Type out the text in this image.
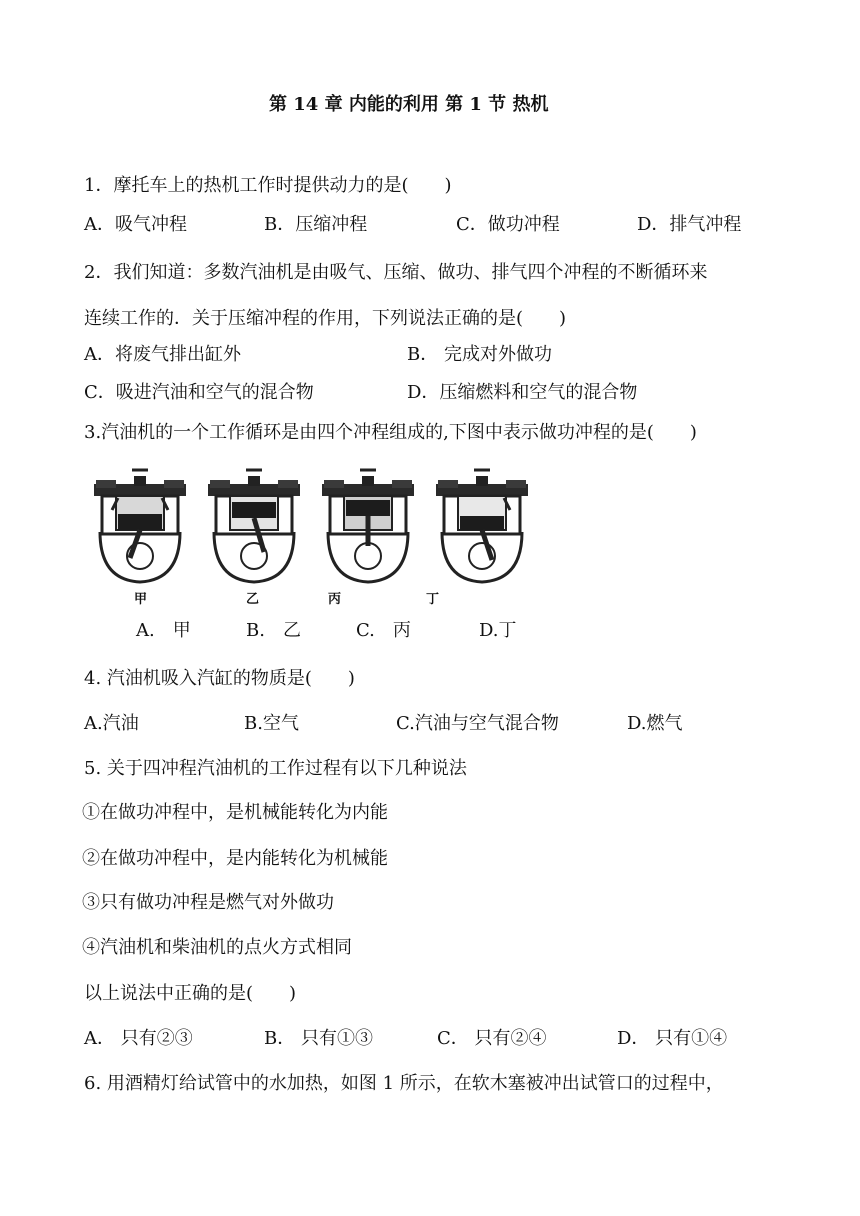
第 14 章 内能的利用 第 1 节 热机
1．摩托车上的热机工作时提供动力的是(　　)
A．吸气冲程	B．压缩冲程	C．做功冲程	D．排气冲程
2．我们知道：多数汽油机是由吸气、压缩、做功、排气四个冲程的不断循环来
连续工作的．关于压缩冲程的作用，下列说法正确的是(　　)
A．将废气排出缸外	B． 完成对外做功
C．吸进汽油和空气的混合物	D．压缩燃料和空气的混合物
3.汽油机的一个工作循环是由四个冲程组成的,下图中表示做功冲程的是(　　)
甲	乙	丙	丁
A.　甲	B.　乙	C.　丙	D.丁
4. 汽油机吸入汽缸的物质是(　　)
A.汽油	B.空气	C.汽油与空气混合物	D.燃气
5. 关于四冲程汽油机的工作过程有以下几种说法
①在做功冲程中，是机械能转化为内能
②在做功冲程中，是内能转化为机械能
③只有做功冲程是燃气对外做功
④汽油机和柴油机的点火方式相同
以上说法中正确的是(　　)
A． 只有②③	B． 只有①③	C． 只有②④	D． 只有①④
6. 用酒精灯给试管中的水加热，如图 1 所示，在软木塞被冲出试管口的过程中，
